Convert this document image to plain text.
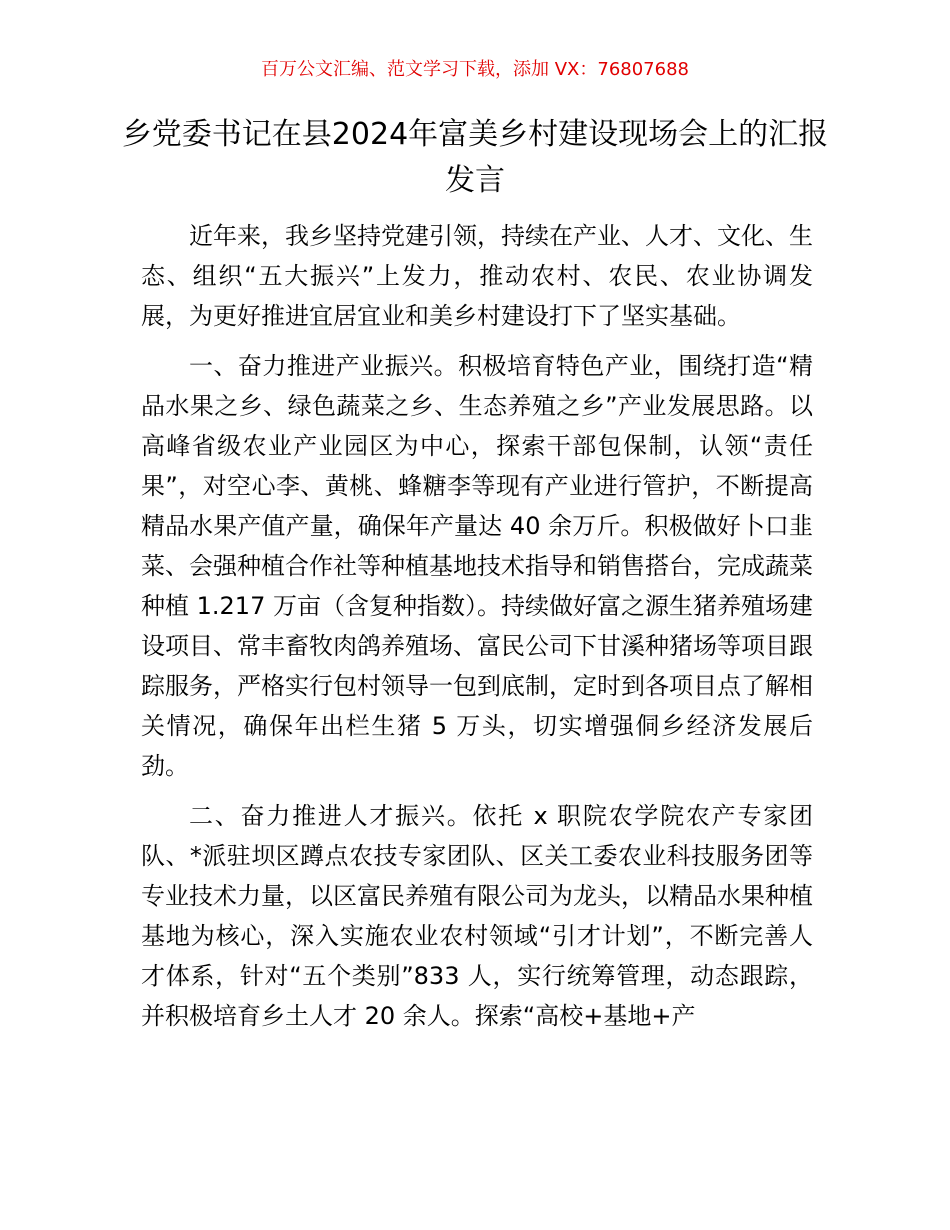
百万公文汇编、范文学习下载，添加 VX：76807688
乡党委书记在县2024年富美乡村建设现场会上的汇报发言

近年来，我乡坚持党建引领，持续在产业、人才、文化、生态、组织“五大振兴”上发力，推动农村、农民、农业协调发展，为更好推进宜居宜业和美乡村建设打下了坚实基础。

一、奋力推进产业振兴。积极培育特色产业，围绕打造“精品水果之乡、绿色蔬菜之乡、生态养殖之乡”产业发展思路。以高峰省级农业产业园区为中心，探索干部包保制，认领“责任果”，对空心李、黄桃、蜂糖李等现有产业进行管护，不断提高精品水果产值产量，确保年产量达 40 余万斤。积极做好卜口韭菜、会强种植合作社等种植基地技术指导和销售搭台，完成蔬菜种植 1.217 万亩（含复种指数）。持续做好富之源生猪养殖场建设项目、常丰畜牧肉鸽养殖场、富民公司下甘溪种猪场等项目跟踪服务，严格实行包村领导一包到底制，定时到各项目点了解相关情况，确保年出栏生猪 5 万头，切实增强侗乡经济发展后劲。

二、奋力推进人才振兴。依托 x 职院农学院农产专家团队、*派驻坝区蹲点农技专家团队、区关工委农业科技服务团等专业技术力量，以区富民养殖有限公司为龙头，以精品水果种植基地为核心，深入实施农业农村领域“引才计划”，不断完善人才体系，针对“五个类别”833 人，实行统筹管理，动态跟踪，并积极培育乡土人才 20 余人。探索“高校+基地+产
